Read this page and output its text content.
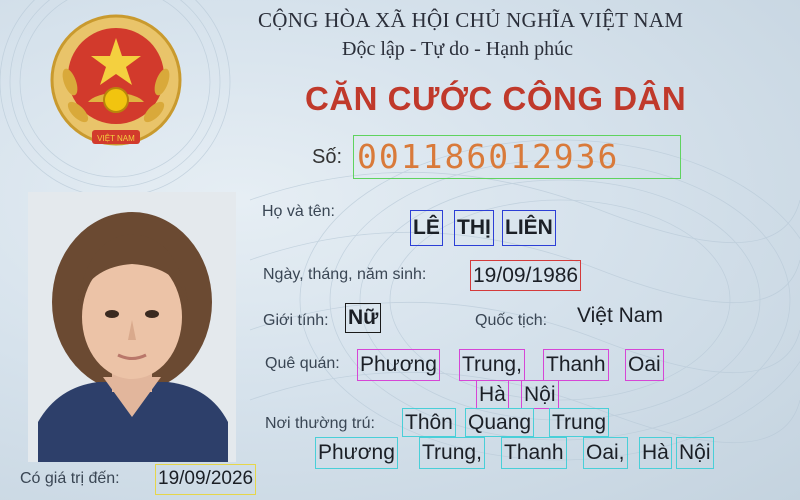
VIỆT NAM
CỘNG HÒA XÃ HỘI CHỦ NGHĨA VIỆT NAM
Độc lập - Tự do - Hạnh phúc
CĂN CƯỚC CÔNG DÂN
Số: 001186012936
Họ và tên:
LÊ THỊ LIÊN
Ngày, tháng, năm sinh: 19/09/1986
Giới tính: Nữ	Quốc tịch: Việt Nam
Quê quán: Phương Trung, Thanh Oai
Hà Nội
Nơi thường trú: Thôn Quang Trung
Phương Trung, Thanh Oai, Hà Nội
Có giá trị đến: 19/09/2026
